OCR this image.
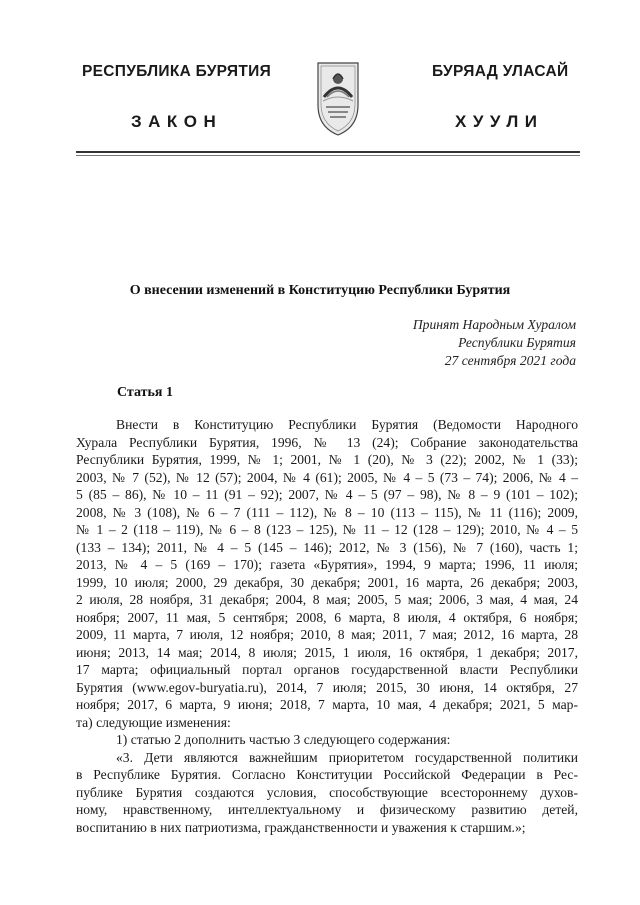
РЕСПУБЛИКА БУРЯТИЯ	БУРЯАД УЛАСАЙ
ЗАКОН	ХУУЛИ
О внесении изменений в Конституцию Республики Бурятия
Принят Народным Хуралом
Республики Бурятия
27 сентября 2021 года
Статья 1
Внести в Конституцию Республики Бурятия (Ведомости Народного
Хурала Республики Бурятия, 1996, № 13 (24); Собрание законодательства
Республики Бурятия, 1999, № 1; 2001, № 1 (20), № 3 (22); 2002, № 1 (33);
2003, № 7 (52), № 12 (57); 2004, № 4 (61); 2005, № 4 – 5 (73 – 74); 2006, № 4 –
5 (85 – 86), № 10 – 11 (91 – 92); 2007, № 4 – 5 (97 – 98), № 8 – 9 (101 – 102);
2008, № 3 (108), № 6 – 7 (111 – 112), № 8 – 10 (113 – 115), № 11 (116); 2009,
№ 1 – 2 (118 – 119), № 6 – 8 (123 – 125), № 11 – 12 (128 – 129); 2010, № 4 – 5
(133 – 134); 2011, № 4 – 5 (145 – 146); 2012, № 3 (156), № 7 (160), часть 1;
2013, № 4 – 5 (169 – 170); газета «Бурятия», 1994, 9 марта; 1996, 11 июля;
1999, 10 июля; 2000, 29 декабря, 30 декабря; 2001, 16 марта, 26 декабря; 2003,
2 июля, 28 ноября, 31 декабря; 2004, 8 мая; 2005, 5 мая; 2006, 3 мая, 4 мая, 24
ноября; 2007, 11 мая, 5 сентября; 2008, 6 марта, 8 июля, 4 октября, 6 ноября;
2009, 11 марта, 7 июля, 12 ноября; 2010, 8 мая; 2011, 7 мая; 2012, 16 марта, 28
июня; 2013, 14 мая; 2014, 8 июля; 2015, 1 июля, 16 октября, 1 декабря; 2017,
17 марта; официальный портал органов государственной власти Республики
Бурятия (www.egov-buryatia.ru), 2014, 7 июля; 2015, 30 июня, 14 октября, 27
ноября; 2017, 6 марта, 9 июня; 2018, 7 марта, 10 мая, 4 декабря; 2021, 5 мар-
та) следующие изменения:
1) статью 2 дополнить частью 3 следующего содержания:
«3. Дети являются важнейшим приоритетом государственной политики
в Республике Бурятия. Согласно Конституции Российской Федерации в Рес-
публике Бурятия создаются условия, способствующие всестороннему духов-
ному, нравственному, интеллектуальному и физическому развитию детей,
воспитанию в них патриотизма, гражданственности и уважения к старшим.»;
